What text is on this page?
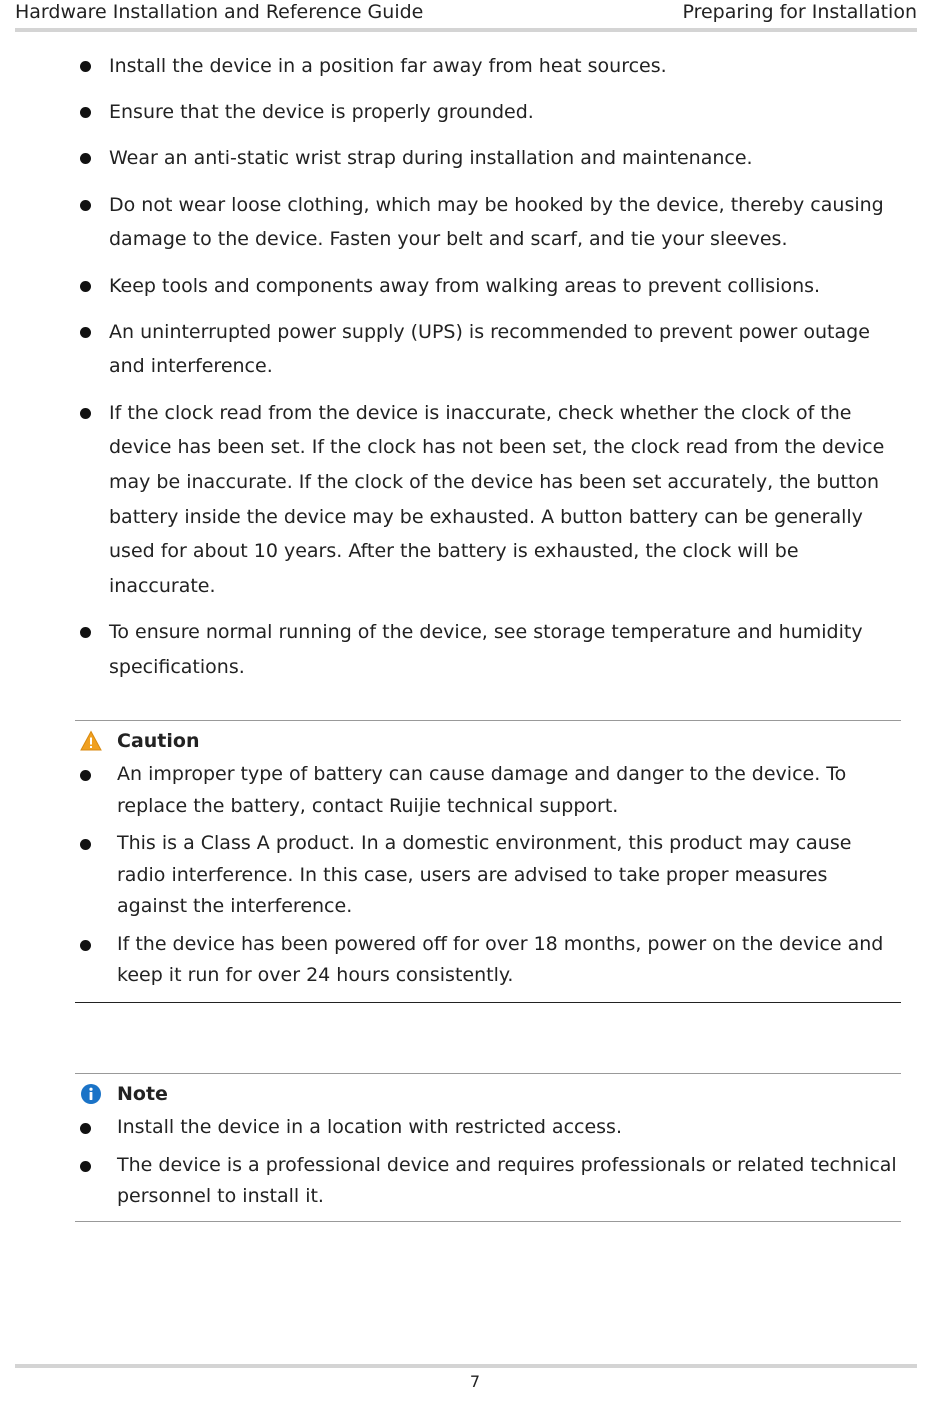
Hardware Installation and Reference Guide	Preparing for Installation
Install the device in a position far away from heat sources.
Ensure that the device is properly grounded.
Wear an anti-static wrist strap during installation and maintenance.
Do not wear loose clothing, which may be hooked by the device, thereby causing damage to the device. Fasten your belt and scarf, and tie your sleeves.
Keep tools and components away from walking areas to prevent collisions.
An uninterrupted power supply (UPS) is recommended to prevent power outage and interference.
If the clock read from the device is inaccurate, check whether the clock of the device has been set. If the clock has not been set, the clock read from the device may be inaccurate. If the clock of the device has been set accurately, the button battery inside the device may be exhausted. A button battery can be generally used for about 10 years. After the battery is exhausted, the clock will be inaccurate.
To ensure normal running of the device, see storage temperature and humidity specifications.
Caution
An improper type of battery can cause damage and danger to the device. To replace the battery, contact Ruijie technical support.
This is a Class A product. In a domestic environment, this product may cause radio interference. In this case, users are advised to take proper measures against the interference.
If the device has been powered off for over 18 months, power on the device and keep it run for over 24 hours consistently.
Note
Install the device in a location with restricted access.
The device is a professional device and requires professionals or related technical personnel to install it.
7
